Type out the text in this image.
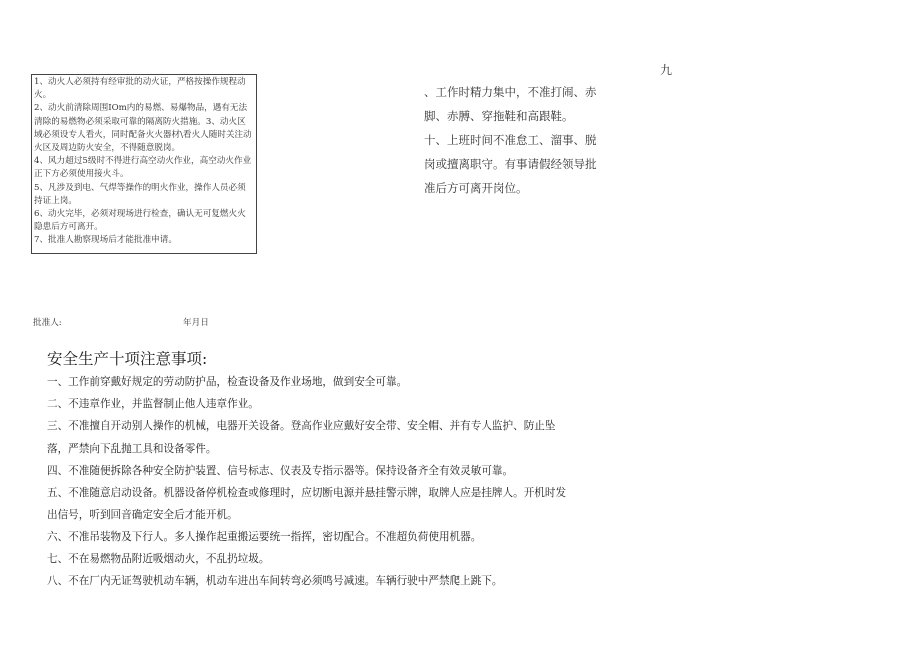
1、动火人必须持有经审批的动火证，严格按操作规程动火。

2、动火前清除周围IOm内的易燃、易爆物品，遇有无法清除的易燃物必须采取可靠的隔离防火措施。3、动火区域必须设专人看火，同时配备火火器材\看火人随时关注动火区及周边防火安全，不得随意脱岗。

4、风力超过5级时不得进行高空动火作业，高空动火作业正下方必须使用接火斗。

5、凡涉及到电、气焊等操作的明火作业，操作人员必须持证上岗。

6、动火完毕，必须对现场进行检查，确认无可复燃火火隐患后方可离开。

7、批准人勘察现场后才能批准申请。

九

、工作时精力集中，不准打闹、赤

脚、赤膊、穿拖鞋和高跟鞋。

十、上班时间不准怠工、溜事、脱

岗或擅离职守。有事请假经领导批

准后方可离开岗位。

批准人:	年月日
安全生产十项注意事项:
一、工作前穿戴好规定的劳动防护品，检查设备及作业场地，做到安全可靠。
二、不违章作业，并监督制止他人违章作业。
三、不准擅自开动别人操作的机械，电器开关设备。登高作业应戴好安全带、安全帽、并有专人监护、防止坠
落，严禁向下乱抛工具和设备零件。
四、不准随便拆除各种安全防护装置、信号标志、仪表及专指示器等。保持设备齐全有效灵敏可靠。
五、不准随意启动设备。机器设备停机检查或修理时，应切断电源并悬挂警示牌，取牌人应是挂牌人。开机时发
出信号，听到回音确定安全后才能开机。
六、不准吊装物及下行人。多人操作起重搬运要统一指挥，密切配合。不准超负荷使用机器。
七、不在易燃物品附近吸烟动火，不乱扔垃圾。
八、不在厂内无证驾驶机动车辆，机动车进出车间转弯必须鸣号减速。车辆行驶中严禁爬上跳下。
